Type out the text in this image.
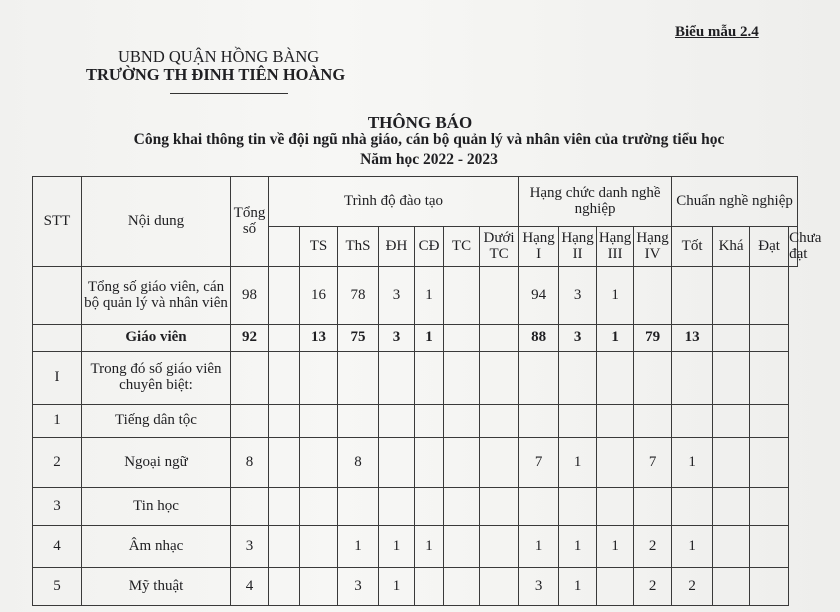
Biểu mẫu 2.4
UBND QUẬN HỒNG BÀNG
TRƯỜNG TH ĐINH TIÊN HOÀNG
THÔNG BÁO
Công khai thông tin về đội ngũ nhà giáo, cán bộ quản lý và nhân viên của trường tiểu học
Năm học 2022 - 2023
STT	Nội dung	Tổng số	Trình độ đào tạo							Hạng chức danh nghề nghiệp				Chuẩn nghề nghiệp			
				TS	ThS	ĐH	CĐ	TC	Dưới TC	Hạng I	Hạng II	Hạng III	Hạng IV	Tốt	Khá	Đạt	Chưa đạt
	Tổng số giáo viên, cán bộ quản lý và nhân viên	98		16	78	3	1			94	3	1					
	Giáo viên	92		13	75	3	1			88	3	1	79	13			
I	Trong đó số giáo viên chuyên biệt:																
1	Tiếng dân tộc																
2	Ngoại ngữ	8			8					7	1		7	1			
3	Tin học																
4	Âm nhạc	3			1	1	1			1	1	1	2	1			
5	Mỹ thuật	4			3	1				3	1		2	2			
